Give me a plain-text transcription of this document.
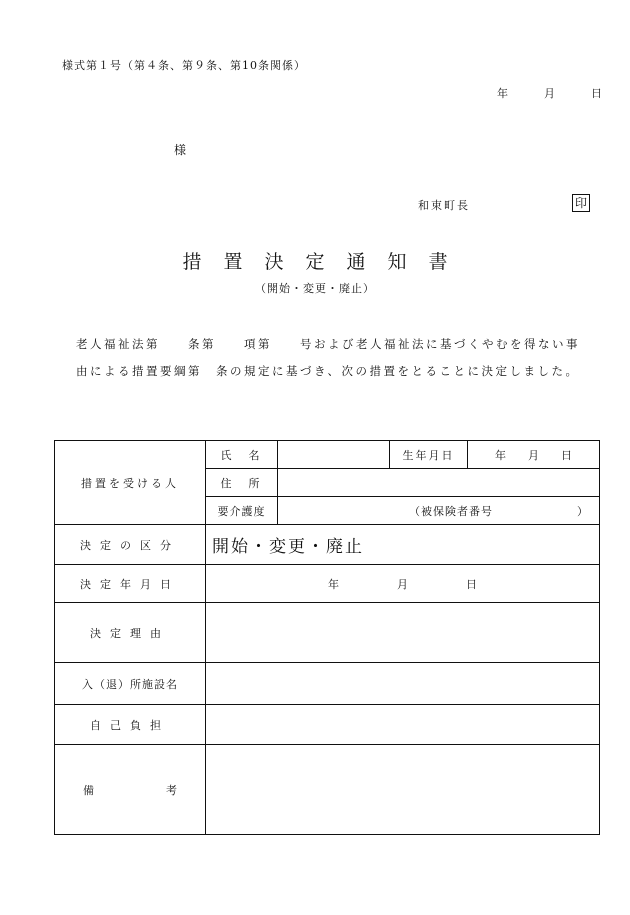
様式第１号（第４条、第９条、第10条関係）
年	月	日
様
和束町長	印
措置決定通知書
（開始・変更・廃止）
老人福祉法第　　条第　　項第　　号および老人福祉法に基づくやむを得ない事
由による措置要綱第　条の規定に基づき、次の措置をとることに決定しました。
措置を受ける人	氏　名		生年月日	年 月 日
	住　所			
	要介護度	（被保険者番号　　　　　　　）		
決定の区分	開始・変更・廃止			
決定年月日	年 月 日			
決定理由				
入（退）所施設名				
自己負担				

備 考				
